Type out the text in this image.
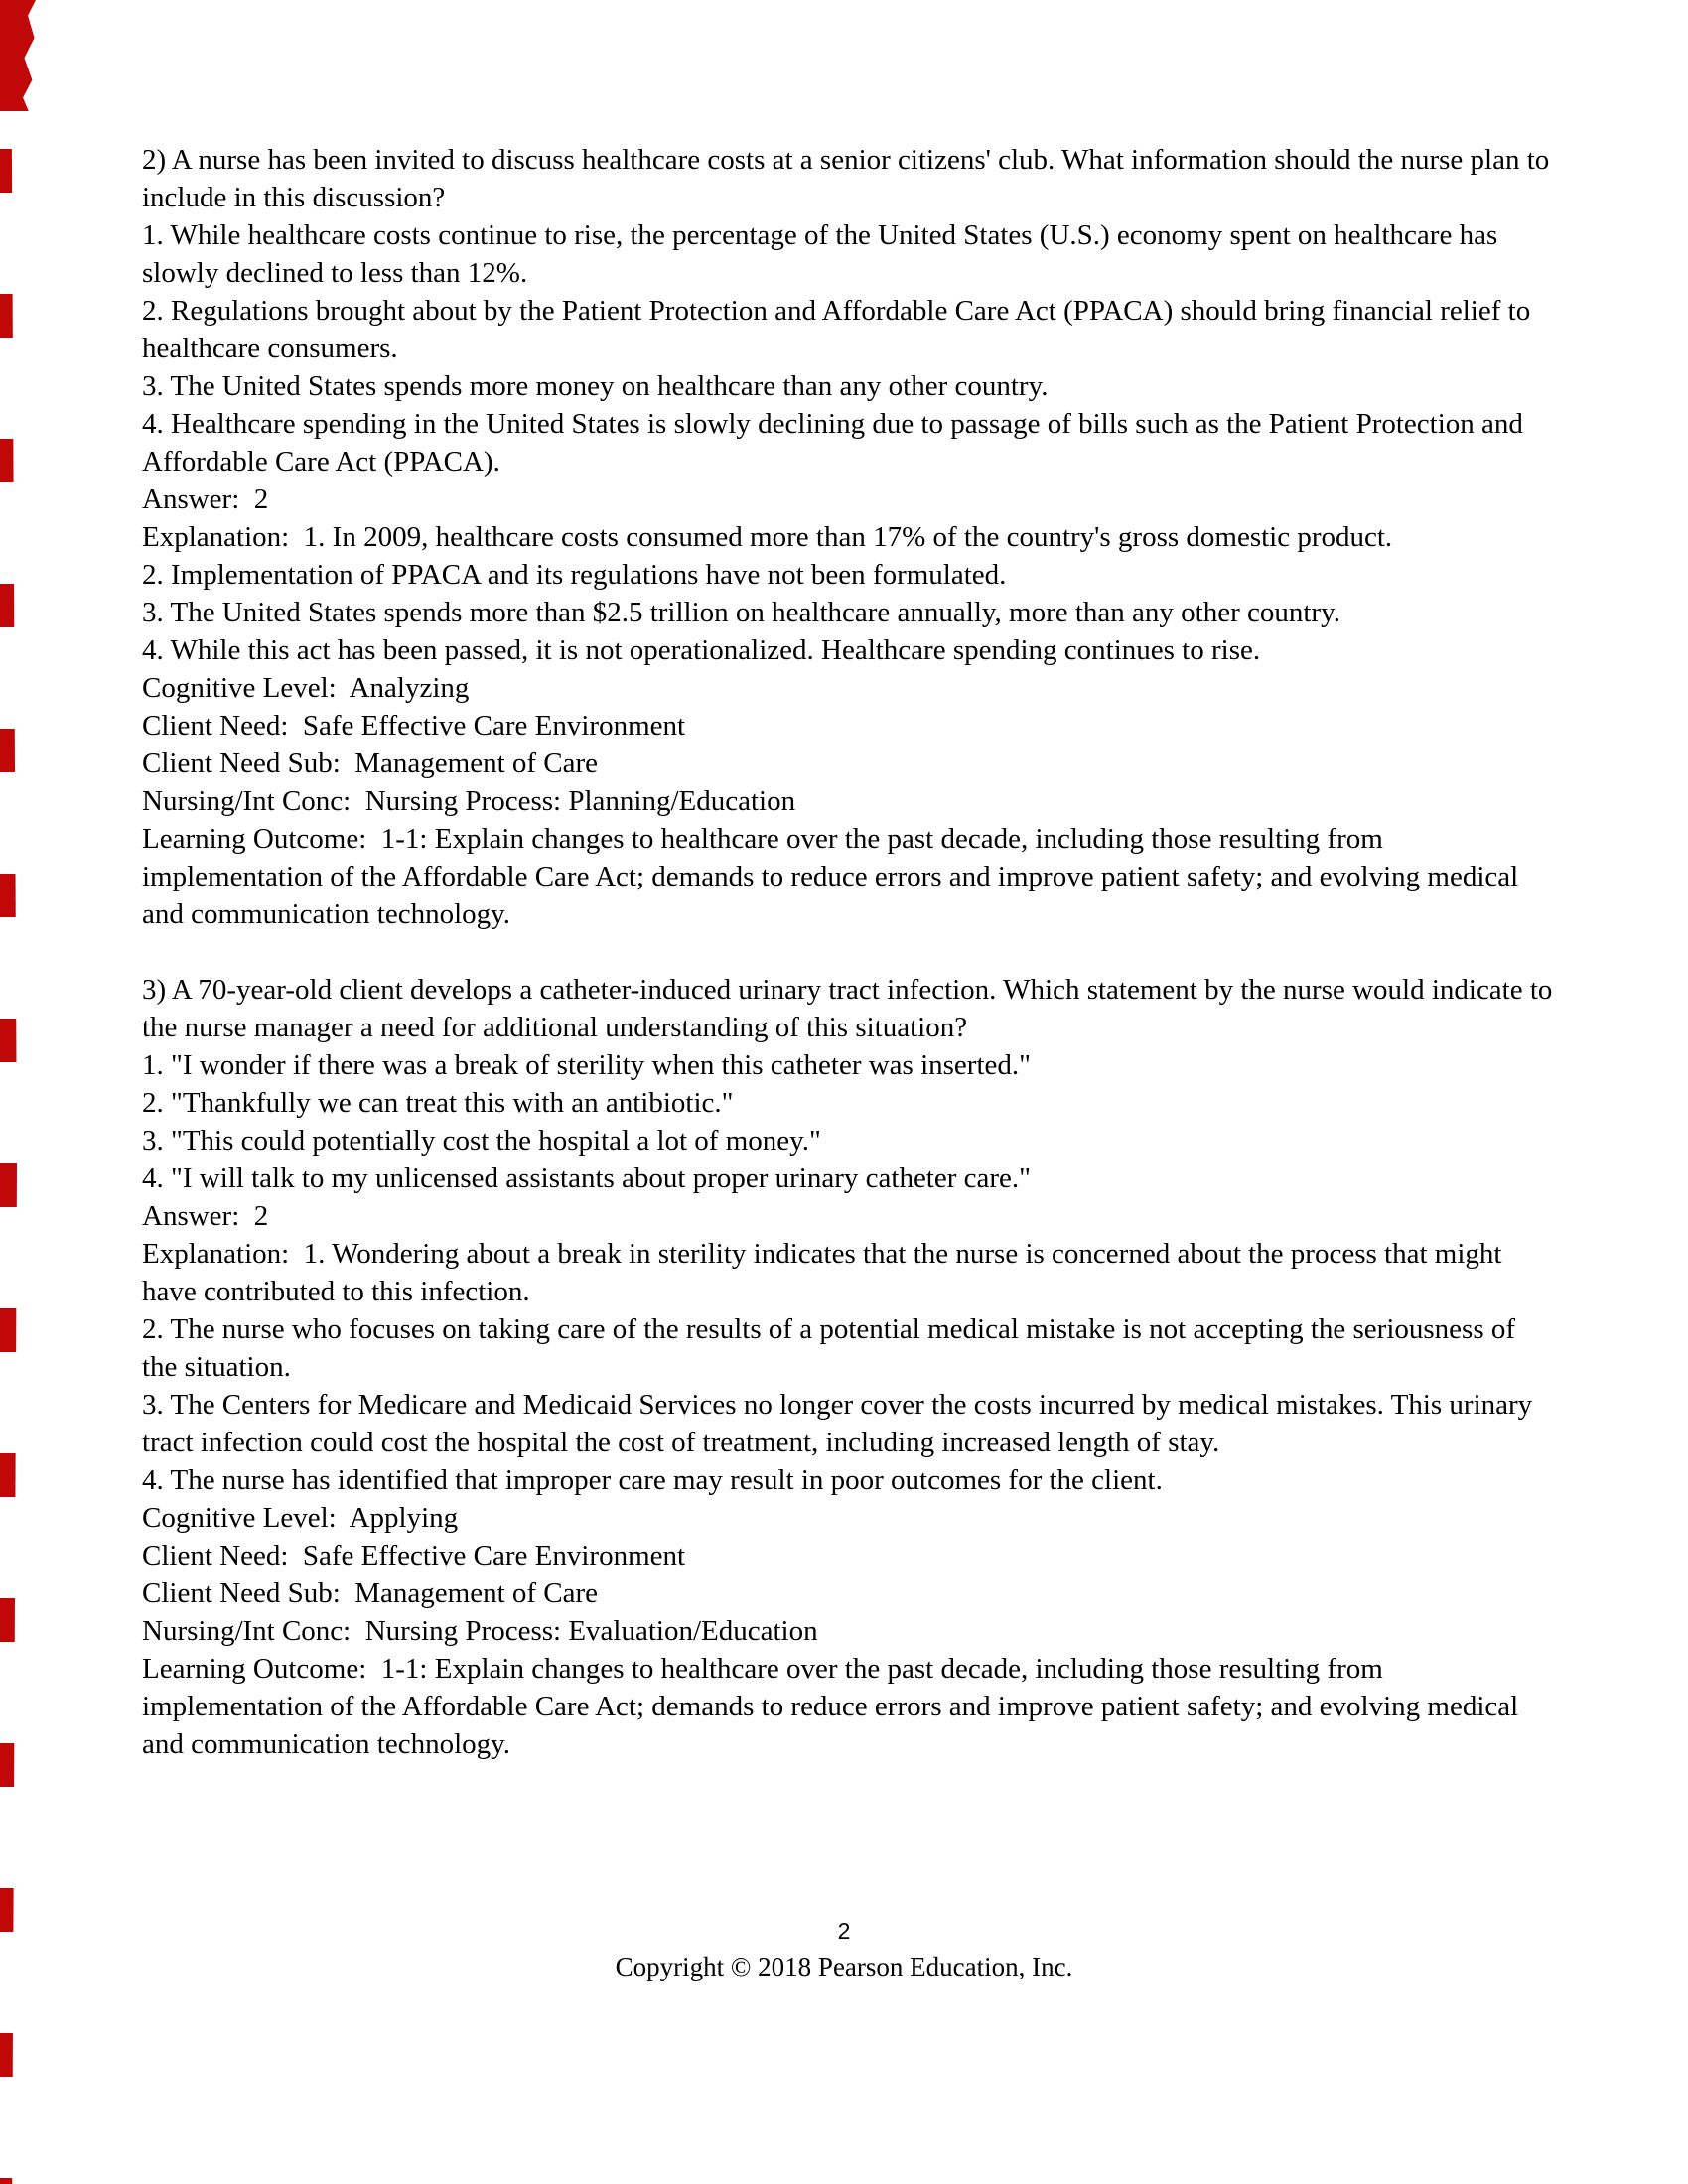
2) A nurse has been invited to discuss healthcare costs at a senior citizens' club. What information should the nurse plan to include in this discussion?
1. While healthcare costs continue to rise, the percentage of the United States (U.S.) economy spent on healthcare has slowly declined to less than 12%.
2. Regulations brought about by the Patient Protection and Affordable Care Act (PPACA) should bring financial relief to healthcare consumers.
3. The United States spends more money on healthcare than any other country.
4. Healthcare spending in the United States is slowly declining due to passage of bills such as the Patient Protection and Affordable Care Act (PPACA).
Answer:  2
Explanation:  1. In 2009, healthcare costs consumed more than 17% of the country's gross domestic product.
2. Implementation of PPACA and its regulations have not been formulated.
3. The United States spends more than $2.5 trillion on healthcare annually, more than any other country.
4. While this act has been passed, it is not operationalized. Healthcare spending continues to rise.
Cognitive Level:  Analyzing
Client Need:  Safe Effective Care Environment
Client Need Sub:  Management of Care
Nursing/Int Conc:  Nursing Process: Planning/Education
Learning Outcome:  1-1: Explain changes to healthcare over the past decade, including those resulting from implementation of the Affordable Care Act; demands to reduce errors and improve patient safety; and evolving medical and communication technology.
3) A 70-year-old client develops a catheter-induced urinary tract infection. Which statement by the nurse would indicate to the nurse manager a need for additional understanding of this situation?
1. "I wonder if there was a break of sterility when this catheter was inserted."
2. "Thankfully we can treat this with an antibiotic."
3. "This could potentially cost the hospital a lot of money."
4. "I will talk to my unlicensed assistants about proper urinary catheter care."
Answer:  2
Explanation:  1. Wondering about a break in sterility indicates that the nurse is concerned about the process that might have contributed to this infection.
2. The nurse who focuses on taking care of the results of a potential medical mistake is not accepting the seriousness of the situation.
3. The Centers for Medicare and Medicaid Services no longer cover the costs incurred by medical mistakes. This urinary tract infection could cost the hospital the cost of treatment, including increased length of stay.
4. The nurse has identified that improper care may result in poor outcomes for the client.
Cognitive Level:  Applying
Client Need:  Safe Effective Care Environment
Client Need Sub:  Management of Care
Nursing/Int Conc:  Nursing Process: Evaluation/Education
Learning Outcome:  1-1: Explain changes to healthcare over the past decade, including those resulting from implementation of the Affordable Care Act; demands to reduce errors and improve patient safety; and evolving medical and communication technology.
2
Copyright © 2018 Pearson Education, Inc.
